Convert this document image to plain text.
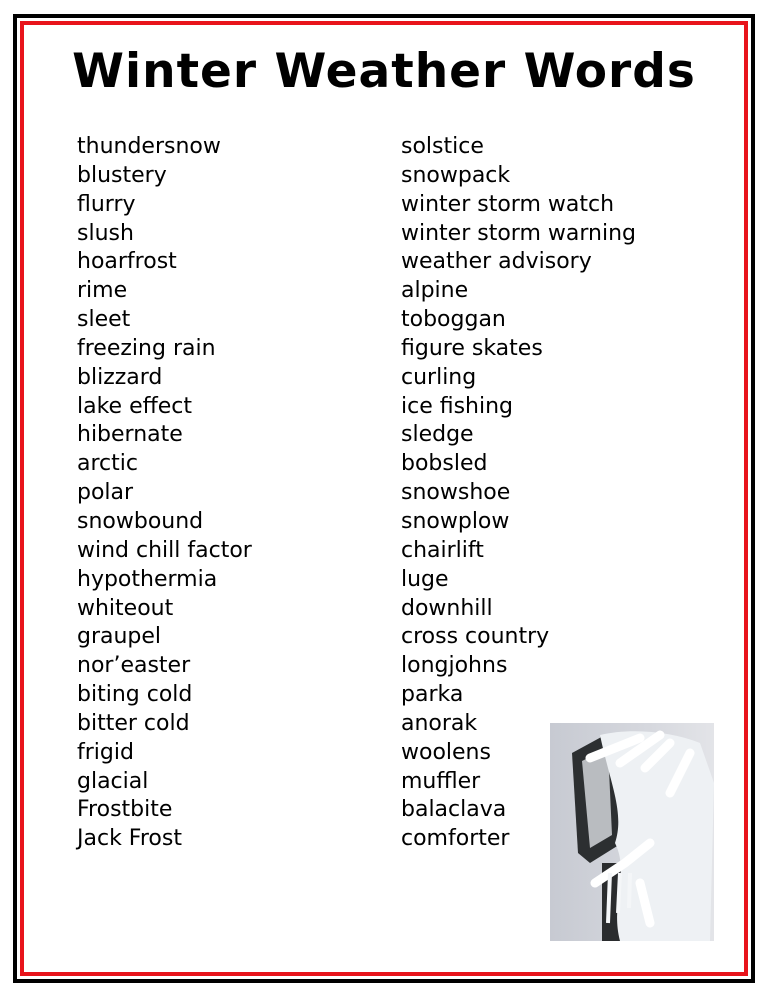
Winter Weather Words
thundersnow
blustery
flurry
slush
hoarfrost
rime
sleet
freezing rain
blizzard
lake effect
hibernate
arctic
polar
snowbound
wind chill factor
hypothermia
whiteout
graupel
nor’easter
biting cold
bitter cold
frigid
glacial
Frostbite
Jack Frost
solstice
snowpack
winter storm watch
winter storm warning
weather advisory
alpine
toboggan
figure skates
curling
ice fishing
sledge
bobsled
snowshoe
snowplow
chairlift
luge
downhill
cross country
longjohns
parka
anorak
woolens
muffler
balaclava
comforter
